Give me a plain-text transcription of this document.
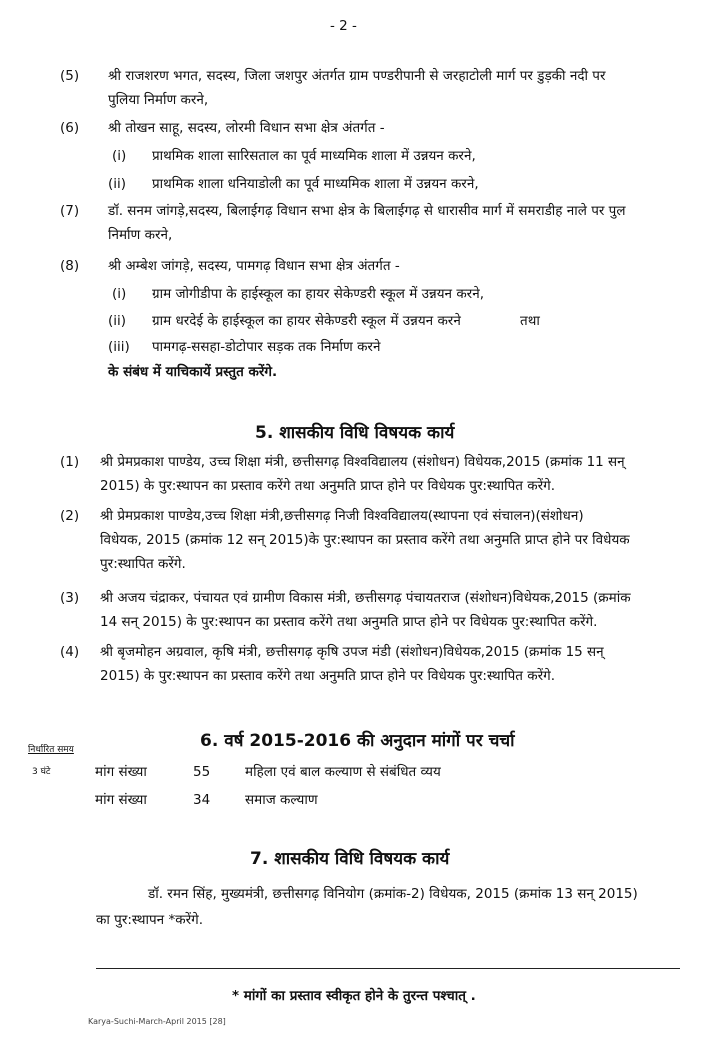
- 2 -
(5) श्री राजशरण भगत, सदस्य, जिला जशपुर अंतर्गत ग्राम पण्डरीपानी से जरहाटोली मार्ग पर डुड़की नदी पर
पुलिया निर्माण करने,
(6) श्री तोखन साहू, सदस्य, लोरमी विधान सभा क्षेत्र अंतर्गत -
(i) प्राथमिक शाला सारिसताल का पूर्व माध्यमिक शाला में उन्नयन करने,
(ii) प्राथमिक शाला धनियाडोली का पूर्व माध्यमिक शाला में उन्नयन करने,
(7) डॉ. सनम जांगड़े,सदस्य, बिलाईगढ़ विधान सभा क्षेत्र के बिलाईगढ़ से धारासीव मार्ग में समराडीह नाले पर पुल
निर्माण करने,
(8) श्री अम्बेश जांगड़े, सदस्य, पामगढ़ विधान सभा क्षेत्र अंतर्गत -
(i) ग्राम जोगीडीपा के हाईस्कूल का हायर सेकेण्डरी स्कूल में उन्नयन करने,
(ii) ग्राम धरदेई के हाईस्कूल का हायर सेकेण्डरी स्कूल में उन्नयन करने	तथा
(iii) पामगढ़-ससहा-डोटोपार सड़क तक निर्माण करने
के संबंध में याचिकायें प्रस्तुत करेंगे.
5. शासकीय विधि विषयक कार्य
(1) श्री प्रेमप्रकाश पाण्डेय, उच्च शिक्षा मंत्री, छत्तीसगढ़ विश्वविद्यालय (संशोधन) विधेयक,2015 (क्रमांक 11 सन्
2015) के पुर:स्थापन का प्रस्ताव करेंगे तथा अनुमति प्राप्त होने पर विधेयक पुर:स्थापित करेंगे.
(2) श्री प्रेमप्रकाश पाण्डेय,उच्च शिक्षा मंत्री,छत्तीसगढ़ निजी विश्वविद्यालय(स्थापना एवं संचालन)(संशोधन)
विधेयक, 2015 (क्रमांक 12 सन् 2015)के पुर:स्थापन का प्रस्ताव करेंगे तथा अनुमति प्राप्त होने पर विधेयक
पुर:स्थापित करेंगे.
(3) श्री अजय चंद्राकर, पंचायत एवं ग्रामीण विकास मंत्री, छत्तीसगढ़ पंचायतराज (संशोधन)विधेयक,2015 (क्रमांक
14 सन् 2015) के पुर:स्थापन का प्रस्ताव करेंगे तथा अनुमति प्राप्त होने पर विधेयक पुर:स्थापित करेंगे.
(4) श्री बृजमोहन अग्रवाल, कृषि मंत्री, छत्तीसगढ़ कृषि उपज मंडी (संशोधन)विधेयक,2015 (क्रमांक 15 सन्
2015) के पुर:स्थापन का प्रस्ताव करेंगे तथा अनुमति प्राप्त होने पर विधेयक पुर:स्थापित करेंगे.
6. वर्ष 2015-2016 की अनुदान मांगों पर चर्चा
निर्धारित समय
3 घंटे	मांग संख्या	55	महिला एवं बाल कल्याण से संबंधित व्यय
मांग संख्या	34	समाज कल्याण
7. शासकीय विधि विषयक कार्य
डॉ. रमन सिंह, मुख्यमंत्री, छत्तीसगढ़ विनियोग (क्रमांक-2) विधेयक, 2015 (क्रमांक 13 सन् 2015)
का पुर:स्थापन *करेंगे.
* मांगों का प्रस्ताव स्वीकृत होने के तुरन्त पश्चात् .
Karya-Suchi-March-April 2015 [28]
